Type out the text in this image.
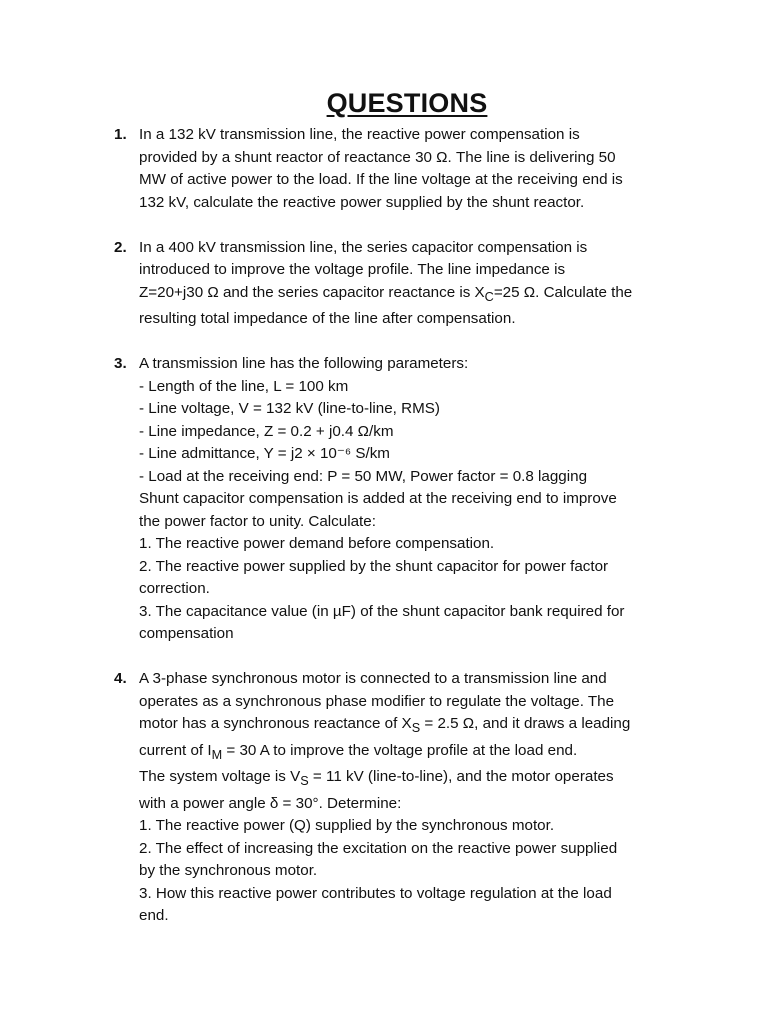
QUESTIONS
1. In a 132 kV transmission line, the reactive power compensation is
provided by a shunt reactor of reactance 30 Ω. The line is delivering 50
MW of active power to the load. If the line voltage at the receiving end is
132 kV, calculate the reactive power supplied by the shunt reactor.
2. In a 400 kV transmission line, the series capacitor compensation is
introduced to improve the voltage profile. The line impedance is
Z=20+j30 Ω and the series capacitor reactance is $X_C=25$ Ω. Calculate the
resulting total impedance of the line after compensation.
3. A transmission line has the following parameters:
- Length of the line, L = 100 km
- Line voltage, V = 132 kV (line-to-line, RMS)
- Line impedance, Z = 0.2 + j0.4 Ω/km
- Line admittance, Y = j2 × 10⁻⁶ S/km
- Load at the receiving end: P = 50 MW, Power factor = 0.8 lagging
Shunt capacitor compensation is added at the receiving end to improve
the power factor to unity. Calculate:
1. The reactive power demand before compensation.
2. The reactive power supplied by the shunt capacitor for power factor
correction.
3. The capacitance value (in µF) of the shunt capacitor bank required for
compensation
4. A 3-phase synchronous motor is connected to a transmission line and
operates as a synchronous phase modifier to regulate the voltage. The
motor has a synchronous reactance of $X_S = 2.5$ Ω, and it draws a leading
current of $I_M = 30$ A to improve the voltage profile at the load end.
The system voltage is $V_S = 11$ kV (line-to-line), and the motor operates
with a power angle δ = 30°. Determine:
1. The reactive power (Q) supplied by the synchronous motor.
2. The effect of increasing the excitation on the reactive power supplied
by the synchronous motor.
3. How this reactive power contributes to voltage regulation at the load
end.
